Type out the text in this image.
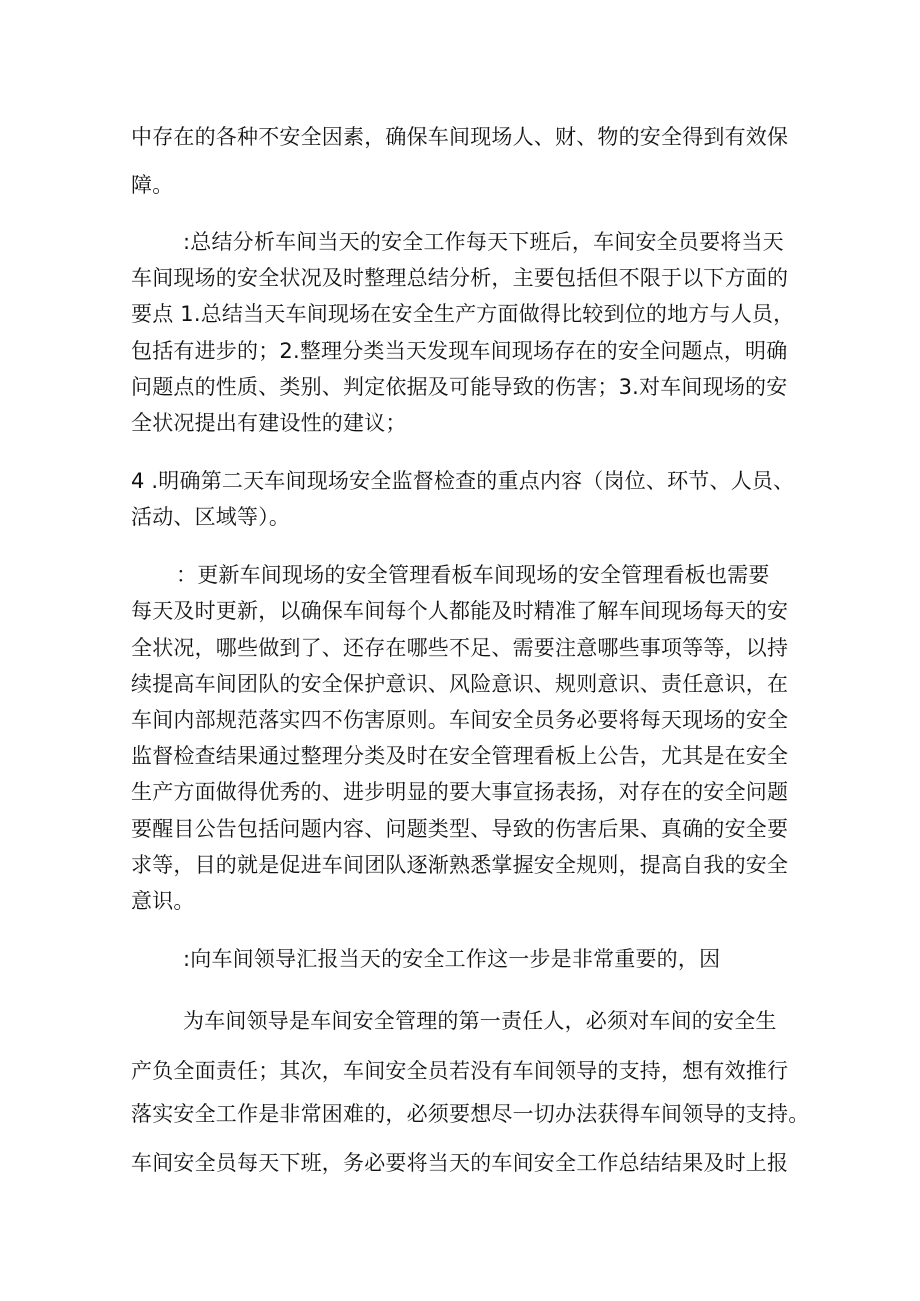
中存在的各种不安全因素，确保车间现场人、财、物的安全得到有效保
障。
:总结分析车间当天的安全工作每天下班后，车间安全员要将当天
车间现场的安全状况及时整理总结分析，主要包括但不限于以下方面的
要点 1.总结当天车间现场在安全生产方面做得比较到位的地方与人员，
包括有进步的；2.整理分类当天发现车间现场存在的安全问题点，明确
问题点的性质、类别、判定依据及可能导致的伤害；3.对车间现场的安
全状况提出有建设性的建议；
4 .明确第二天车间现场安全监督检查的重点内容（岗位、环节、人员、
活动、区域等）。
：更新车间现场的安全管理看板车间现场的安全管理看板也需要
每天及时更新，以确保车间每个人都能及时精准了解车间现场每天的安
全状况，哪些做到了、还存在哪些不足、需要注意哪些事项等等，以持
续提高车间团队的安全保护意识、风险意识、规则意识、责任意识，在
车间内部规范落实四不伤害原则。车间安全员务必要将每天现场的安全
监督检查结果通过整理分类及时在安全管理看板上公告，尤其是在安全
生产方面做得优秀的、进步明显的要大事宣扬表扬，对存在的安全问题
要醒目公告包括问题内容、问题类型、导致的伤害后果、真确的安全要
求等，目的就是促进车间团队逐渐熟悉掌握安全规则，提高自我的安全
意识。
:向车间领导汇报当天的安全工作这一步是非常重要的，因
为车间领导是车间安全管理的第一责任人，必须对车间的安全生
产负全面责任；其次，车间安全员若没有车间领导的支持，想有效推行
落实安全工作是非常困难的，必须要想尽一切办法获得车间领导的支持。
车间安全员每天下班，务必要将当天的车间安全工作总结结果及时上报
